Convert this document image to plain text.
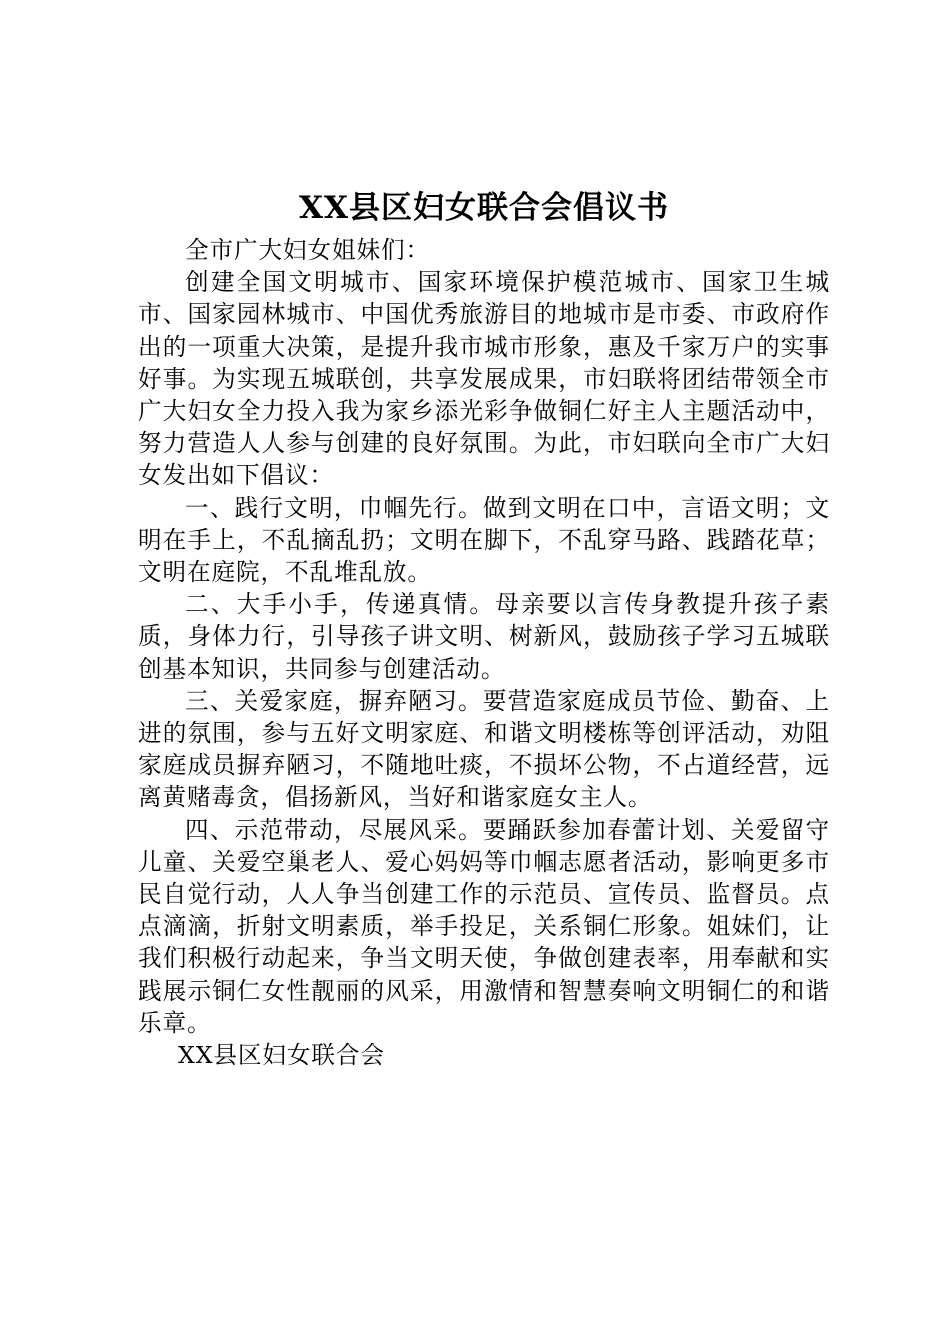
XX县区妇女联合会倡议书

全市广大妇女姐妹们：

创建全国文明城市、国家环境保护模范城市、国家卫生城市、国家园林城市、中国优秀旅游目的地城市是市委、市政府作出的一项重大决策，是提升我市城市形象，惠及千家万户的实事好事。为实现五城联创，共享发展成果，市妇联将团结带领全市广大妇女全力投入我为家乡添光彩争做铜仁好主人主题活动中，努力营造人人参与创建的良好氛围。为此，市妇联向全市广大妇女发出如下倡议：

一、践行文明，巾帼先行。做到文明在口中，言语文明；文明在手上，不乱摘乱扔；文明在脚下，不乱穿马路、践踏花草；文明在庭院，不乱堆乱放。

二、大手小手，传递真情。母亲要以言传身教提升孩子素质，身体力行，引导孩子讲文明、树新风，鼓励孩子学习五城联创基本知识，共同参与创建活动。

三、关爱家庭，摒弃陋习。要营造家庭成员节俭、勤奋、上进的氛围，参与五好文明家庭、和谐文明楼栋等创评活动，劝阻家庭成员摒弃陋习，不随地吐痰，不损坏公物，不占道经营，远离黄赌毒贪，倡扬新风，当好和谐家庭女主人。

四、示范带动，尽展风采。要踊跃参加春蕾计划、关爱留守儿童、关爱空巢老人、爱心妈妈等巾帼志愿者活动，影响更多市民自觉行动，人人争当创建工作的示范员、宣传员、监督员。点点滴滴，折射文明素质，举手投足，关系铜仁形象。姐妹们，让我们积极行动起来，争当文明天使，争做创建表率，用奉献和实践展示铜仁女性靓丽的风采，用激情和智慧奏响文明铜仁的和谐乐章。

XX县区妇女联合会
